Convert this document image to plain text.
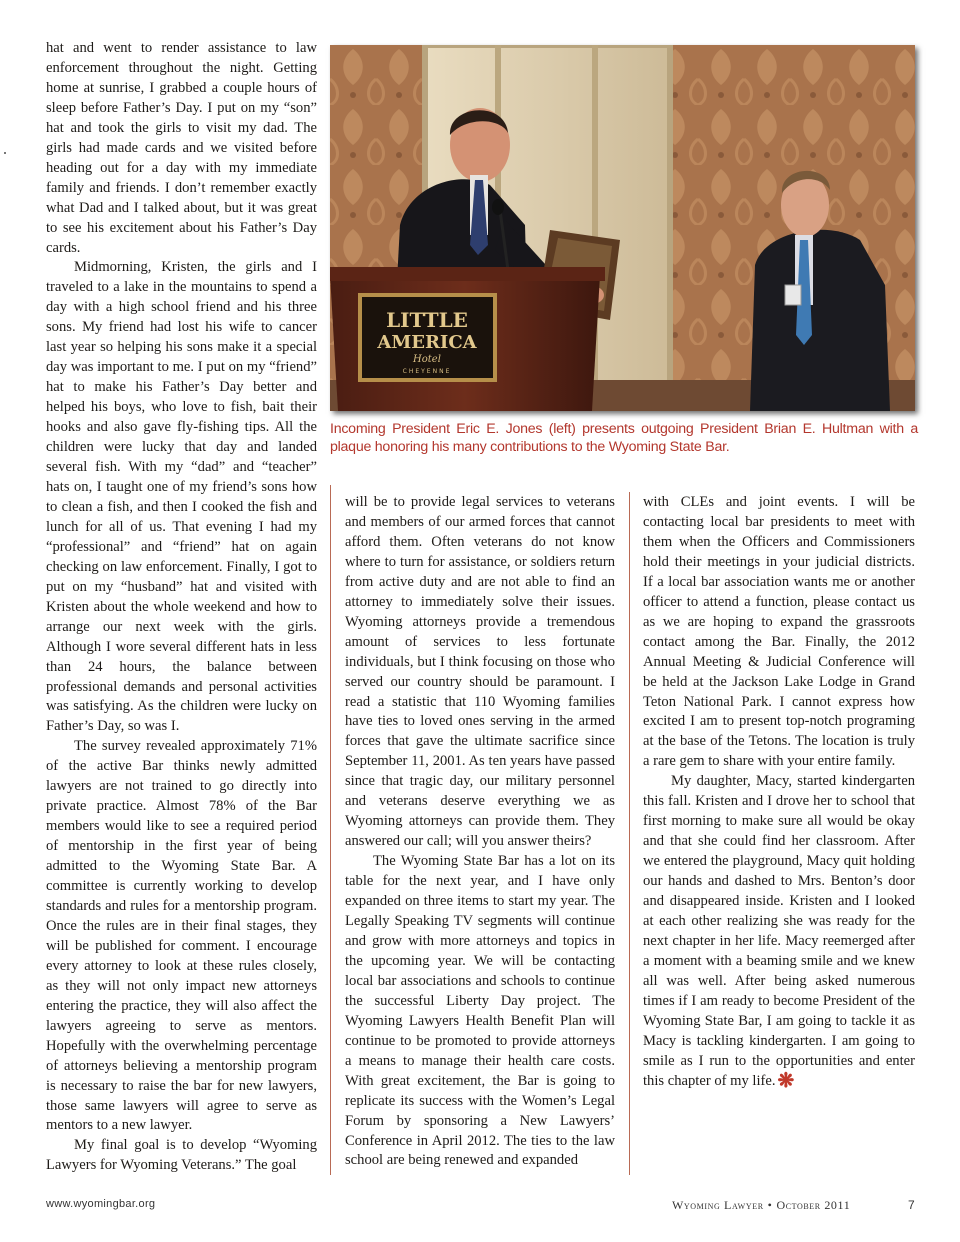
hat and went to render assistance to law enforcement throughout the night. Getting home at sunrise, I grabbed a couple hours of sleep before Father’s Day. I put on my “son” hat and took the girls to visit my dad. The girls had made cards and we visited before heading out for a day with my immediate family and friends. I don’t remember exactly what Dad and I talked about, but it was great to see his excitement about his Father’s Day cards.

Midmorning, Kristen, the girls and I traveled to a lake in the mountains to spend a day with a high school friend and his three sons. My friend had lost his wife to cancer last year so helping his sons make it a special day was important to me. I put on my “friend” hat to make his Father’s Day better and helped his boys, who love to fish, bait their hooks and also gave fly-fishing tips. All the children were lucky that day and landed several fish. With my “dad” and “teacher” hats on, I taught one of my friend’s sons how to clean a fish, and then I cooked the fish and lunch for all of us. That evening I had my “professional” and “friend” hat on again checking on law enforcement. Finally, I got to put on my “husband” hat and visited with Kristen about the whole weekend and how to arrange our next week with the girls. Although I wore several different hats in less than 24 hours, the balance between professional demands and personal activities was satisfying. As the children were lucky on Father’s Day, so was I.

The survey revealed approximately 71% of the active Bar thinks newly admitted lawyers are not trained to go directly into private practice. Almost 78% of the Bar members would like to see a required period of mentorship in the first year of being admitted to the Wyoming State Bar. A committee is currently working to develop standards and rules for a mentorship program. Once the rules are in their final stages, they will be published for comment. I encourage every attorney to look at these rules closely, as they will not only impact new attorneys entering the practice, they will also affect the lawyers agreeing to serve as mentors. Hopefully with the overwhelming percentage of attorneys believing a mentorship program is necessary to raise the bar for new lawyers, those same lawyers will agree to serve as mentors to a new lawyer.

My final goal is to develop “Wyoming Lawyers for Wyoming Veterans.” The goal

LITTLE
AMERICA
Hotel
CHEYENNE
Incoming President Eric E. Jones (left) presents outgoing President Brian E. Hultman with a plaque honoring his many contributions to the Wyoming State Bar.

will be to provide legal services to veterans and members of our armed forces that cannot afford them. Often veterans do not know where to turn for assistance, or soldiers return from active duty and are not able to find an attorney to immediately solve their issues. Wyoming attorneys provide a tremendous amount of services to less fortunate individuals, but I think focusing on those who served our country should be paramount. I read a statistic that 110 Wyoming families have ties to loved ones serving in the armed forces that gave the ultimate sacrifice since September 11, 2001. As ten years have passed since that tragic day, our military personnel and veterans deserve everything we as Wyoming attorneys can provide them. They answered our call; will you answer theirs?

The Wyoming State Bar has a lot on its table for the next year, and I have only expanded on three items to start my year. The Legally Speaking TV segments will continue and grow with more attorneys and topics in the upcoming year. We will be contacting local bar associations and schools to continue the successful Liberty Day project. The Wyoming Lawyers Health Benefit Plan will continue to be promoted to provide attorneys a means to manage their health care costs. With great excitement, the Bar is going to replicate its success with the Women’s Legal Forum by sponsoring a New Lawyers’ Conference in April 2012. The ties to the law school are being renewed and expanded

with CLEs and joint events. I will be contacting local bar presidents to meet with them when the Officers and Commissioners hold their meetings in your judicial districts. If a local bar association wants me or another officer to attend a function, please contact us as we are hoping to expand the grassroots contact among the Bar. Finally, the 2012 Annual Meeting & Judicial Conference will be held at the Jackson Lake Lodge in Grand Teton National Park. I cannot express how excited I am to present top-notch programing at the base of the Tetons. The location is truly a rare gem to share with your entire family.

My daughter, Macy, started kindergarten this fall. Kristen and I drove her to school that first morning to make sure all would be okay and that she could find her classroom. After we entered the playground, Macy quit holding our hands and dashed to Mrs. Benton’s door and disappeared inside. Kristen and I looked at each other realizing she was ready for the next chapter in her life. Macy reemerged after a moment with a beaming smile and we knew all was well. After being asked numerous times if I am ready to become President of the Wyoming State Bar, I am going to tackle it as Macy is tackling kindergarten. I am going to smile as I run to the opportunities and enter this chapter of my life. ❋

www.wyomingbar.org	Wyoming Lawyer • October 2011	7
